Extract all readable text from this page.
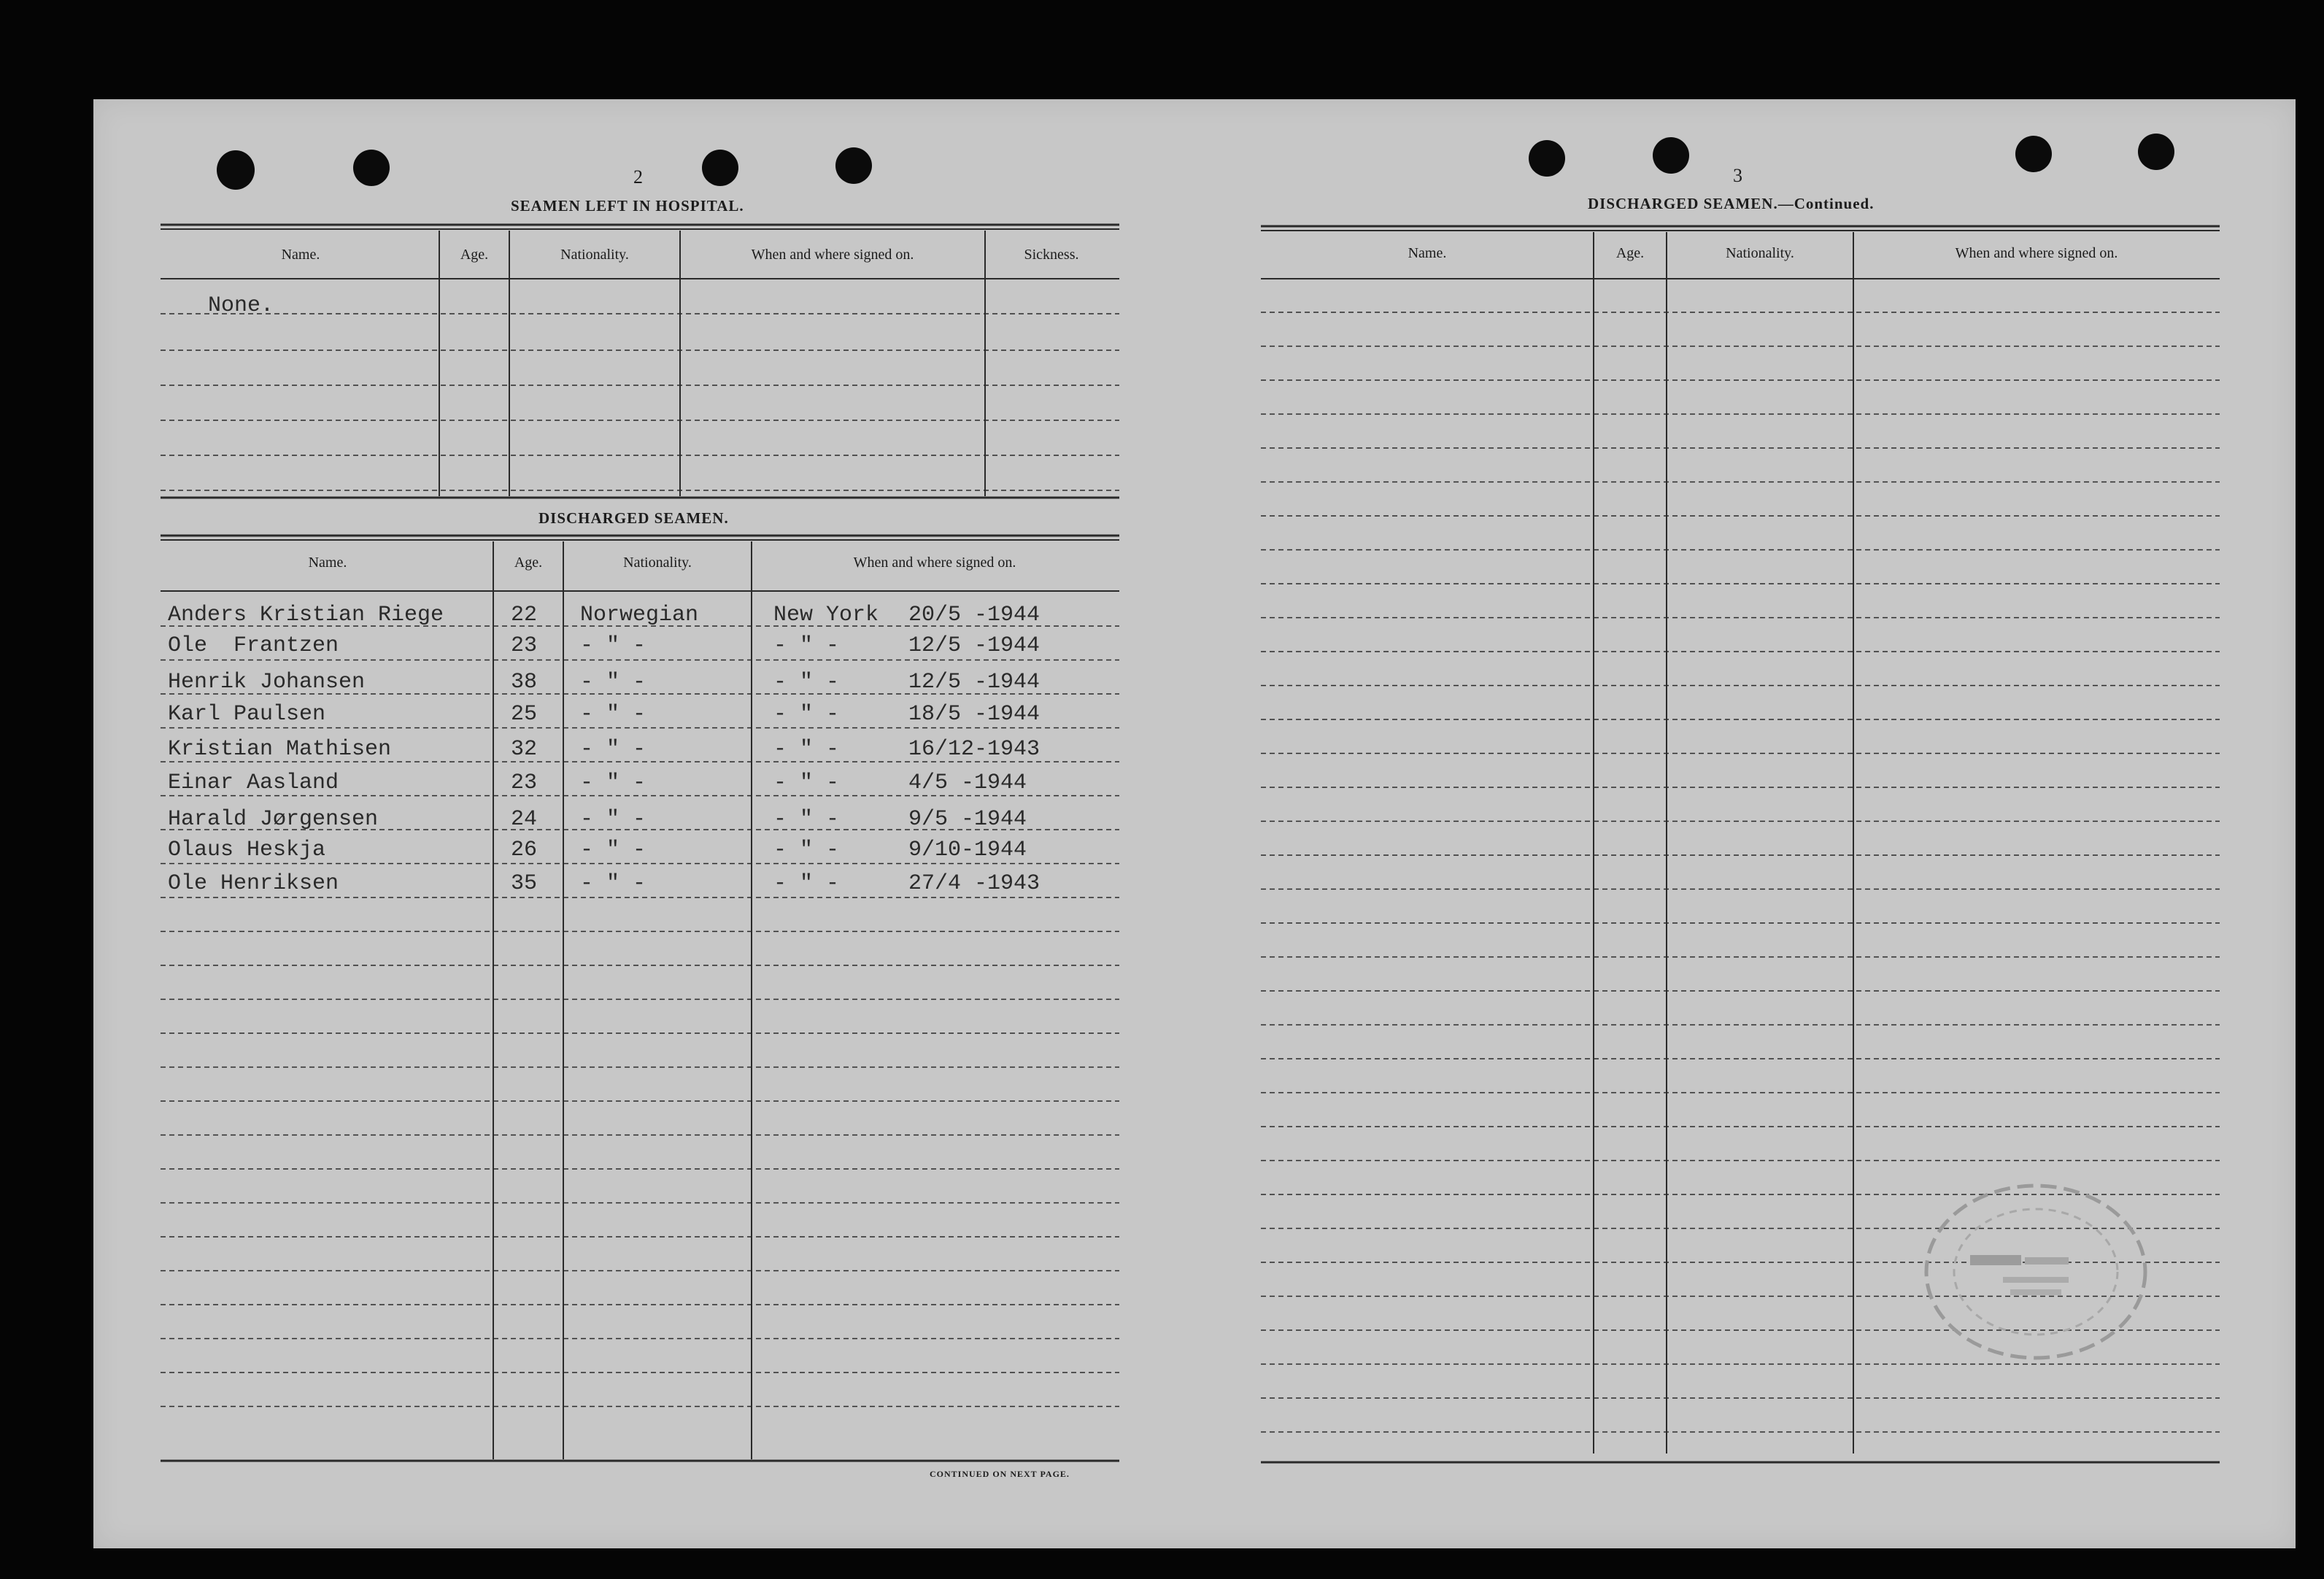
2
SEAMEN LEFT IN HOSPITAL.
Name.	Age.	Nationality.	When and where signed on.	Sickness.
None.
DISCHARGED SEAMEN.
Name.	Age.	Nationality.	When and where signed on.
Anders Kristian Riege	22 Norwegian	New York 20/5 -1944
Ole  Frantzen	23 - " -	- " -	12/5 -1944
Henrik Johansen	38 - " -	- " -	12/5 -1944
Karl Paulsen	25 - " -	- " -	18/5 -1944
Kristian Mathisen	32 - " -	- " -	16/12-1943
Einar Aasland	23 - " -	- " -	4/5 -1944
Harald Jørgensen	24 - " -	- " -	9/5 -1944
Olaus Heskja	26 - " -	- " -	9/10-1944
Ole Henriksen	35 - " -	- " -	27/4 -1943
CONTINUED ON NEXT PAGE.
3
DISCHARGED SEAMEN.—Continued.
Name.	Age.	Nationality.	When and where signed on.
